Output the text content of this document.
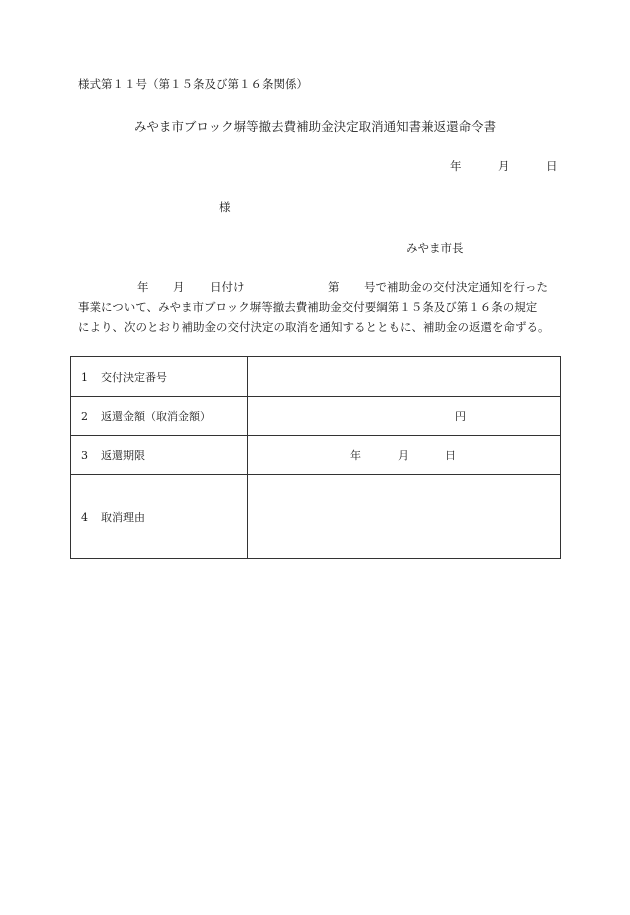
様式第１１号（第１５条及び第１６条関係）
みやま市ブロック塀等撤去費補助金決定取消通知書兼返還命令書
年	月	日
様
みやま市長
年 月 日付け	第 号で補助金の交付決定通知を行った
事業について、みやま市ブロック塀等撤去費補助金交付要綱第１５条及び第１６条の規定
により、次のとおり補助金の交付決定の取消を通知するとともに、補助金の返還を命ずる。
1 交付決定番号	
2 返還金額（取消金額）	円

3 返還期限	年 月 日

4 取消理由	
